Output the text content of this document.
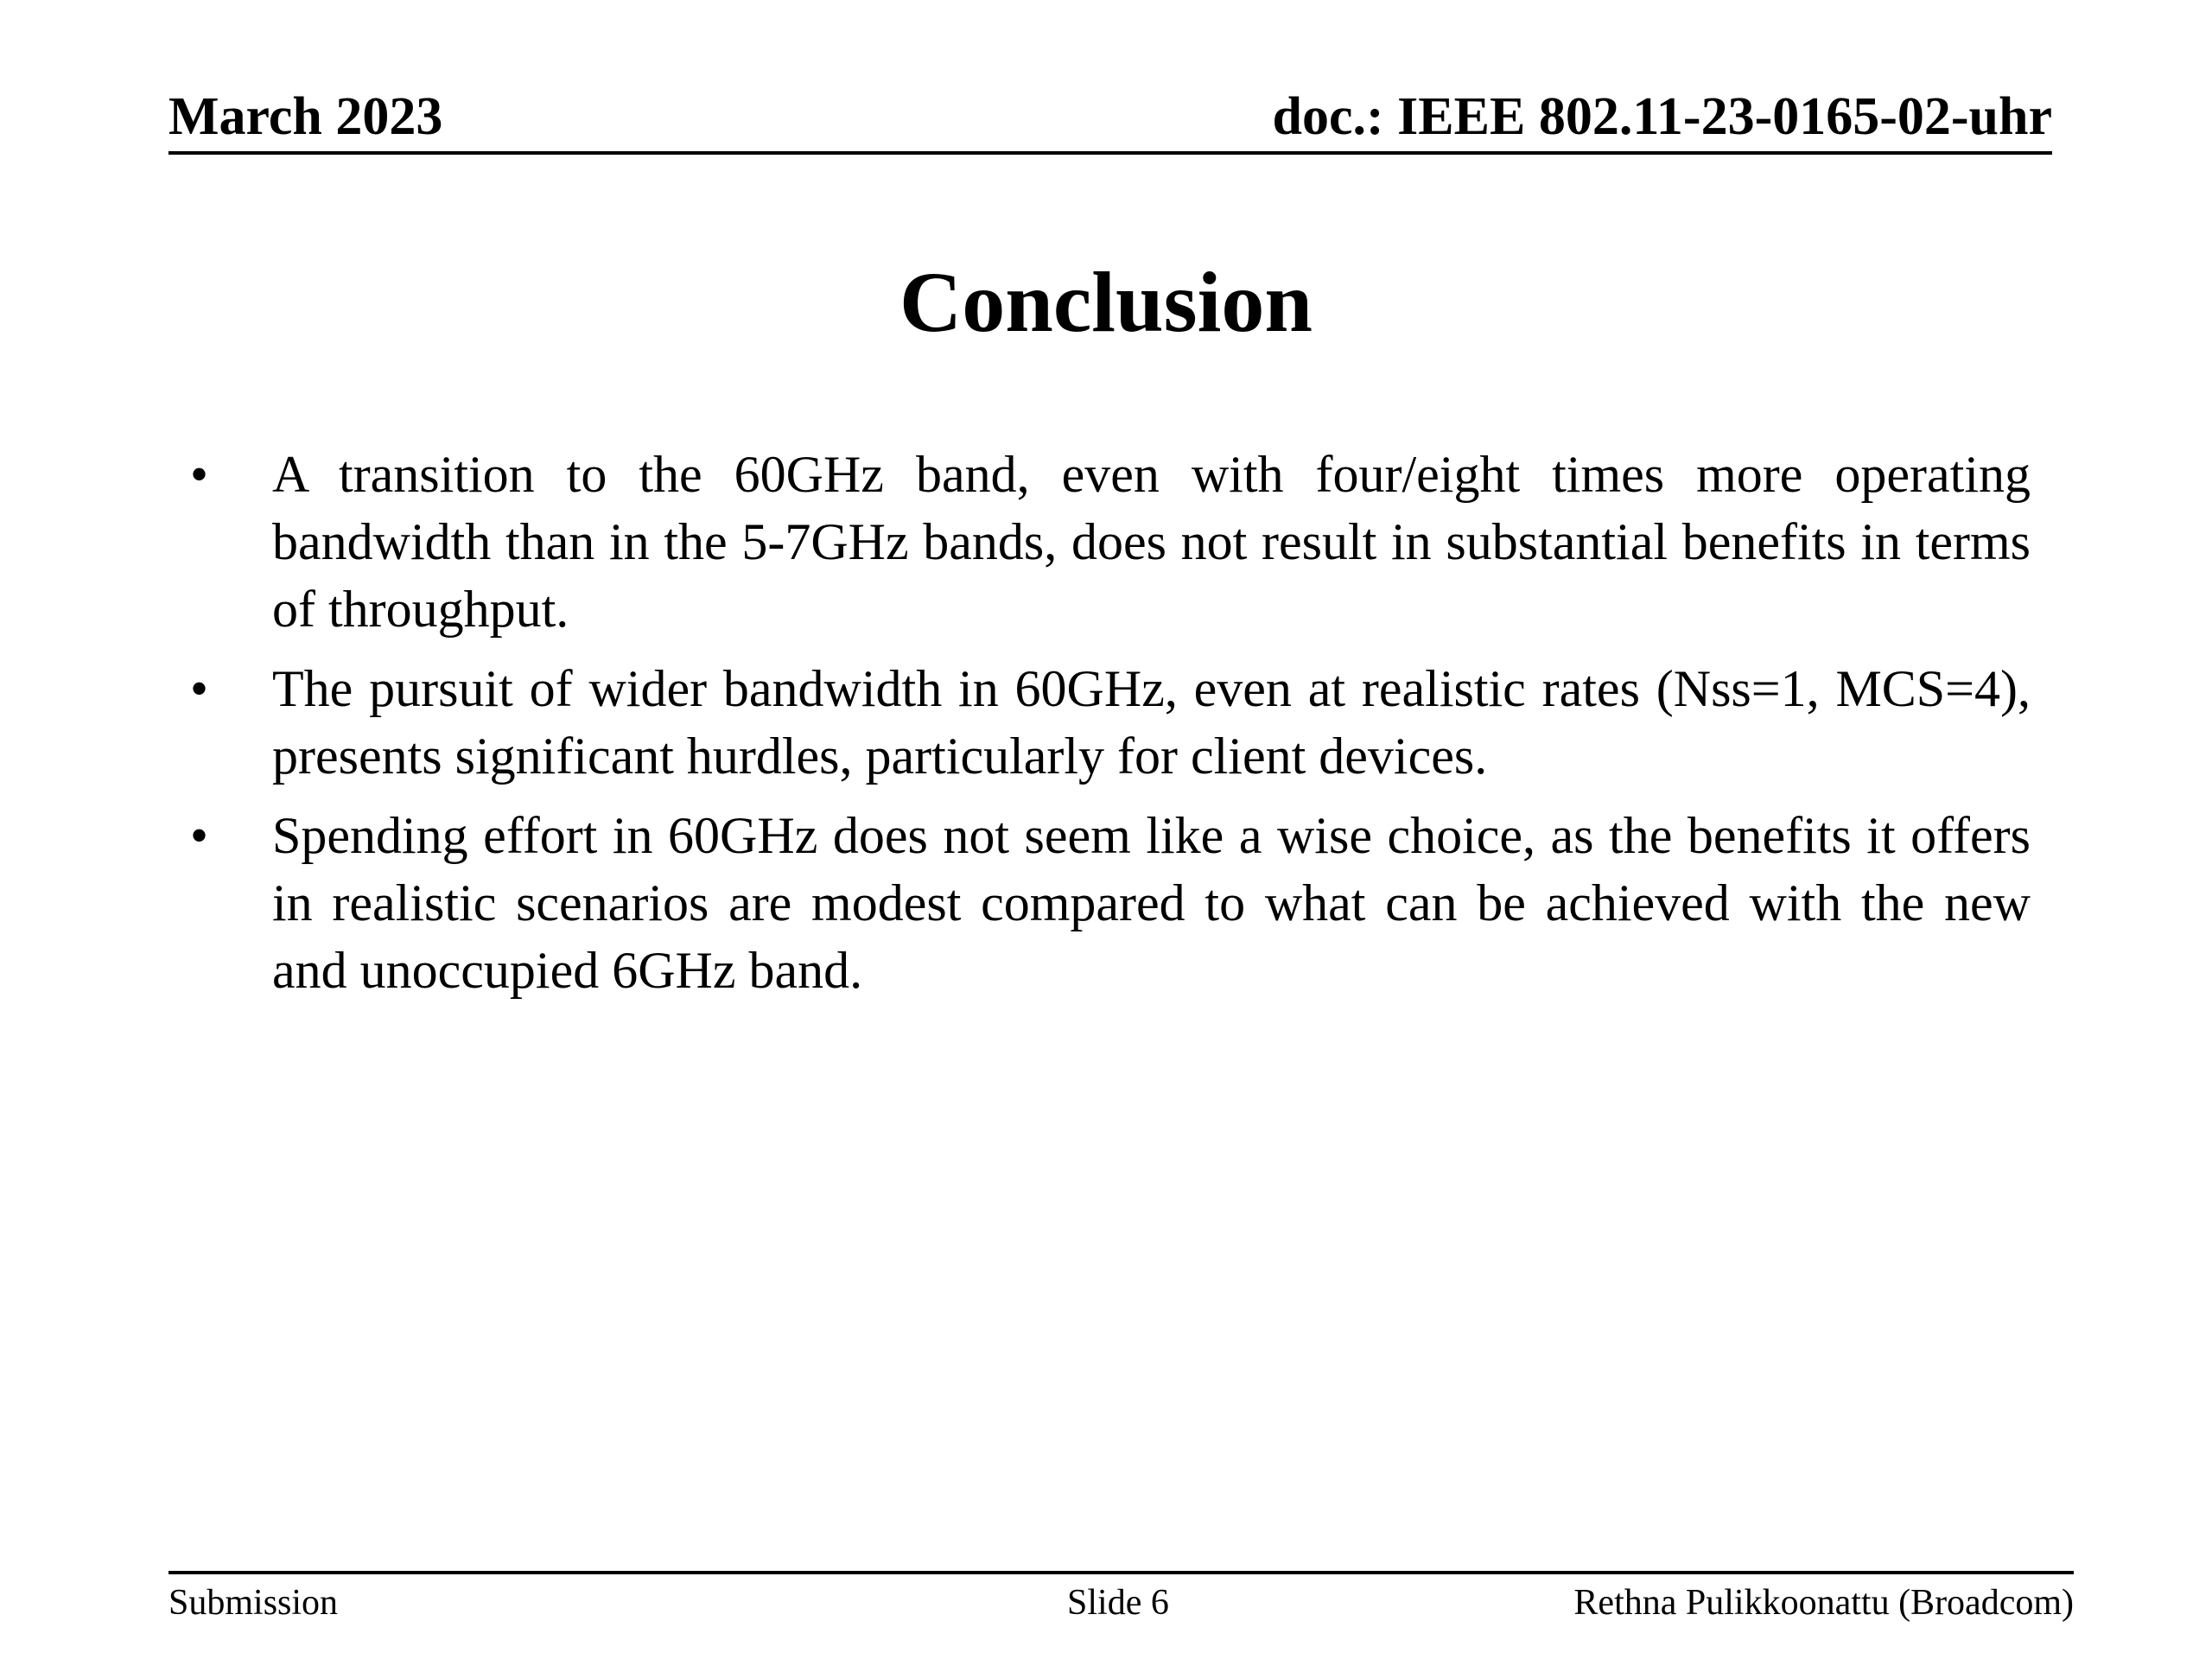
March 2023	doc.: IEEE 802.11-23-0165-02-uhr
Conclusion
• A transition to the 60GHz band, even with four/eight times more operating bandwidth than in the 5-7GHz bands, does not result in substantial benefits in terms of throughput.
• The pursuit of wider bandwidth in 60GHz, even at realistic rates (Nss=1, MCS=4), presents significant hurdles, particularly for client devices.
• Spending effort in 60GHz does not seem like a wise choice, as the benefits it offers in realistic scenarios are modest compared to what can be achieved with the new and unoccupied 6GHz band.
Submission	Slide 6	Rethna Pulikkoonattu (Broadcom)
